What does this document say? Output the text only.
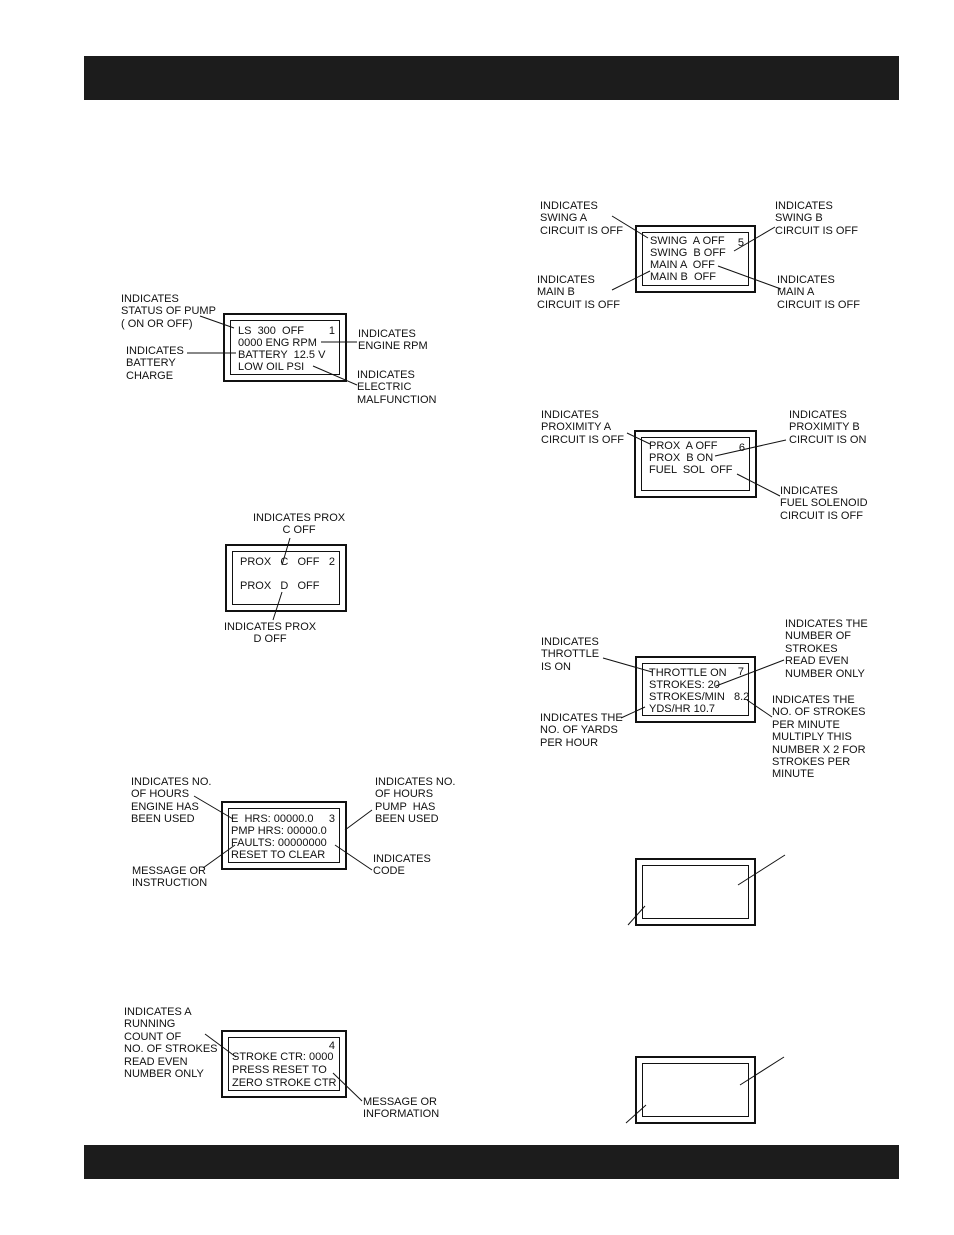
1
LS  300  OFF
0000 ENG RPM
BATTERY  12.5 V
LOW OIL PSI
2
PROX   C   OFF
PROX   D   OFF
3
E  HRS: 00000.0
PMP HRS: 00000.0
FAULTS: 00000000
RESET TO CLEAR
4
STROKE CTR: 0000
PRESS RESET TO
ZERO STROKE CTR
5
SWING  A OFF
SWING  B OFF
MAIN A  OFF
MAIN B  OFF
6
PROX  A OFF
PROX  B ON
FUEL  SOL  OFF
7
THROTTLE ON
STROKES: 20
STROKES/MIN   8.2
YDS/HR 10.7
INDICATES
STATUS OF PUMP
( ON OR OFF)
INDICATES
BATTERY
CHARGE
INDICATES
ENGINE RPM
INDICATES
ELECTRIC
MALFUNCTION
INDICATES PROX
C OFF
INDICATES PROX
D OFF
INDICATES NO.
OF HOURS
ENGINE HAS
BEEN USED
MESSAGE OR
INSTRUCTION
INDICATES NO.
OF HOURS
PUMP  HAS
BEEN USED
INDICATES
CODE
INDICATES A
RUNNING
COUNT OF
NO. OF STROKES
READ EVEN
NUMBER ONLY
MESSAGE OR
INFORMATION
INDICATES
SWING A
CIRCUIT IS OFF
INDICATES
MAIN B
CIRCUIT IS OFF
INDICATES
SWING B
CIRCUIT IS OFF
INDICATES
MAIN A
CIRCUIT IS OFF
INDICATES
PROXIMITY A
CIRCUIT IS OFF
INDICATES
PROXIMITY B
CIRCUIT IS ON
INDICATES
FUEL SOLENOID
CIRCUIT IS OFF
INDICATES
THROTTLE
IS ON
INDICATES THE
NO. OF YARDS
PER HOUR
INDICATES THE
NUMBER OF
STROKES
READ EVEN
NUMBER ONLY
INDICATES THE
NO. OF STROKES
PER MINUTE
MULTIPLY THIS
NUMBER X 2 FOR
STROKES PER
MINUTE
